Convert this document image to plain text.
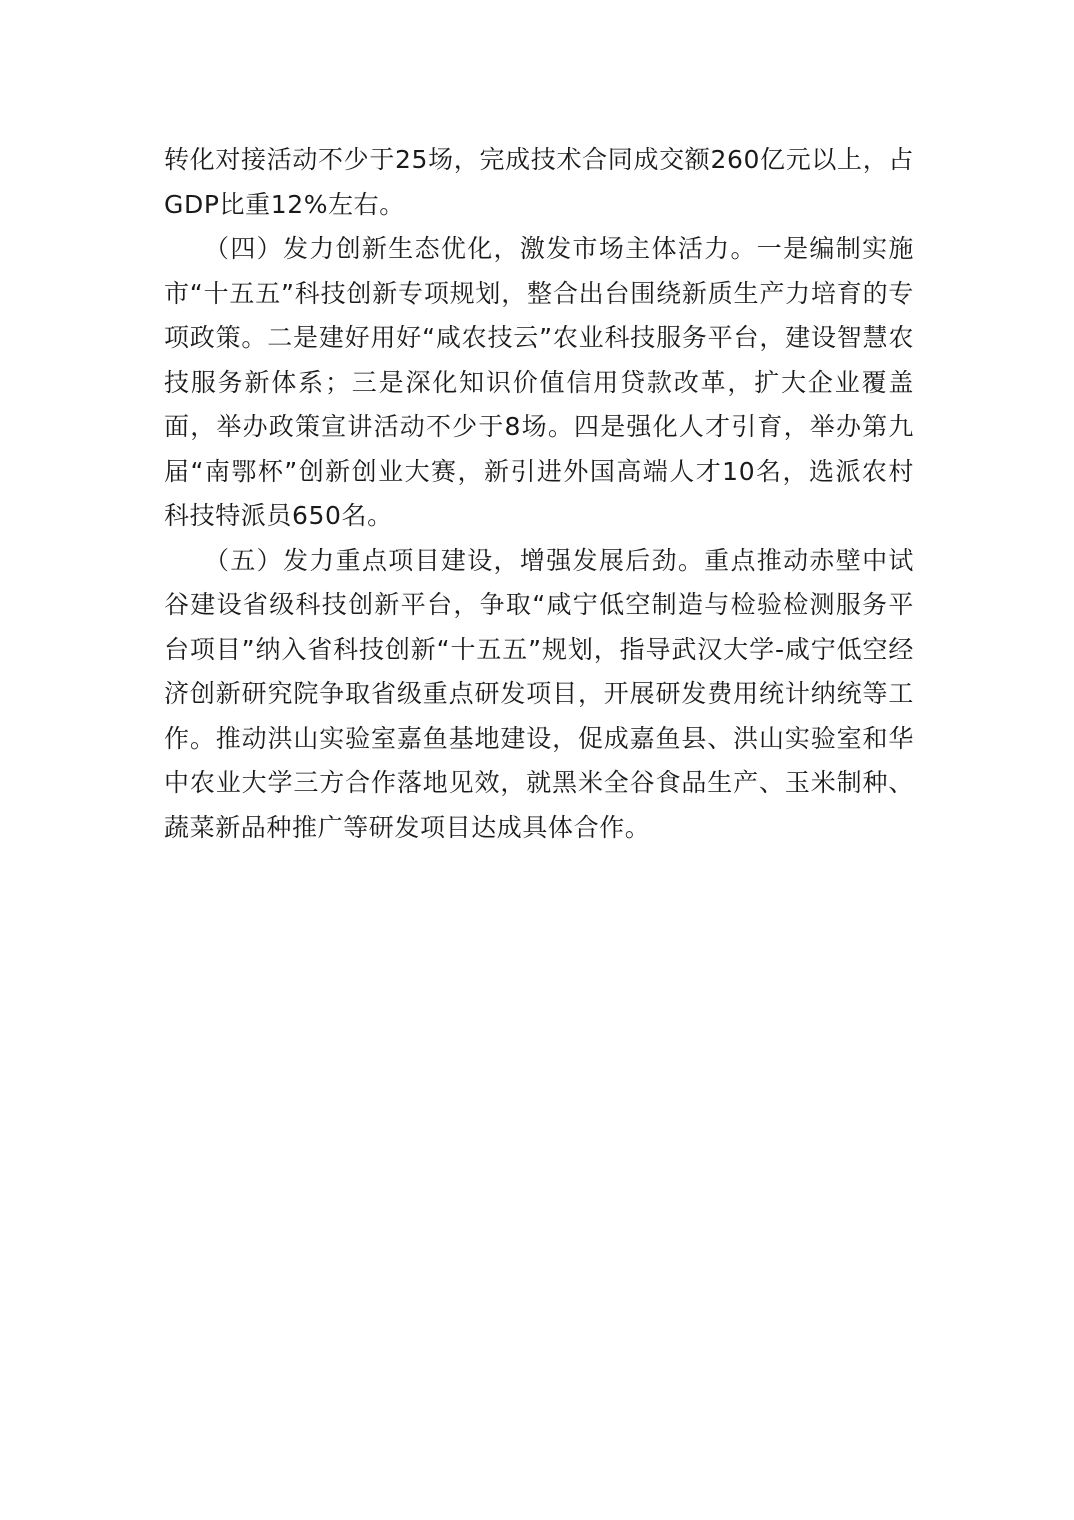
转化对接活动不少于25场，完成技术合同成交额260亿元以上，占GDP比重12%左右。

（四）发力创新生态优化，激发市场主体活力。一是编制实施市“十五五”科技创新专项规划，整合出台围绕新质生产力培育的专项政策。二是建好用好“咸农技云”农业科技服务平台，建设智慧农技服务新体系；三是深化知识价值信用贷款改革，扩大企业覆盖面，举办政策宣讲活动不少于8场。四是强化人才引育，举办第九届“南鄂杯”创新创业大赛，新引进外国高端人才10名，选派农村科技特派员650名。

（五）发力重点项目建设，增强发展后劲。重点推动赤壁中试谷建设省级科技创新平台，争取“咸宁低空制造与检验检测服务平台项目”纳入省科技创新“十五五”规划，指导武汉大学-咸宁低空经济创新研究院争取省级重点研发项目，开展研发费用统计纳统等工作。推动洪山实验室嘉鱼基地建设，促成嘉鱼县、洪山实验室和华中农业大学三方合作落地见效，就黑米全谷食品生产、玉米制种、蔬菜新品种推广等研发项目达成具体合作。
